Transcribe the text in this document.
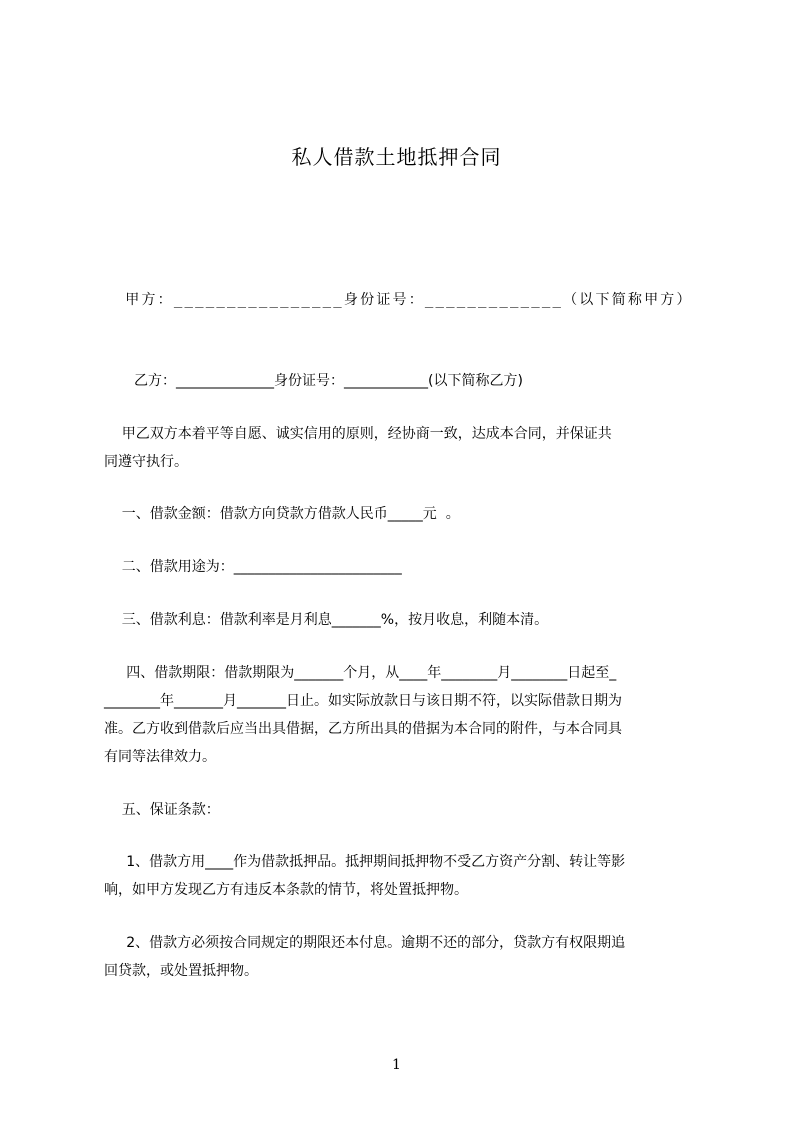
私人借款土地抵押合同
甲方：________________身份证号：_____________（以下简称甲方）
乙方：______________身份证号：____________(以下简称乙方)
甲乙双方本着平等自愿、诚实信用的原则，经协商一致，达成本合同，并保证共
同遵守执行。
一、借款金额：借款方向贷款方借款人民币_____元  。
二、借款用途为：________________________
三、借款利息：借款利率是月利息_______%，按月收息，利随本清。
四、借款期限：借款期限为_______个月，从____年________月________日起至_
________年_______月_______日止。如实际放款日与该日期不符，以实际借款日期为
准。乙方收到借款后应当出具借据，乙方所出具的借据为本合同的附件，与本合同具
有同等法律效力。
五、保证条款：
1、借款方用____作为借款抵押品。抵押期间抵押物不受乙方资产分割、转让等影
响，如甲方发现乙方有违反本条款的情节，将处置抵押物。
2、借款方必须按合同规定的期限还本付息。逾期不还的部分，贷款方有权限期追
回贷款，或处置抵押物。
1
